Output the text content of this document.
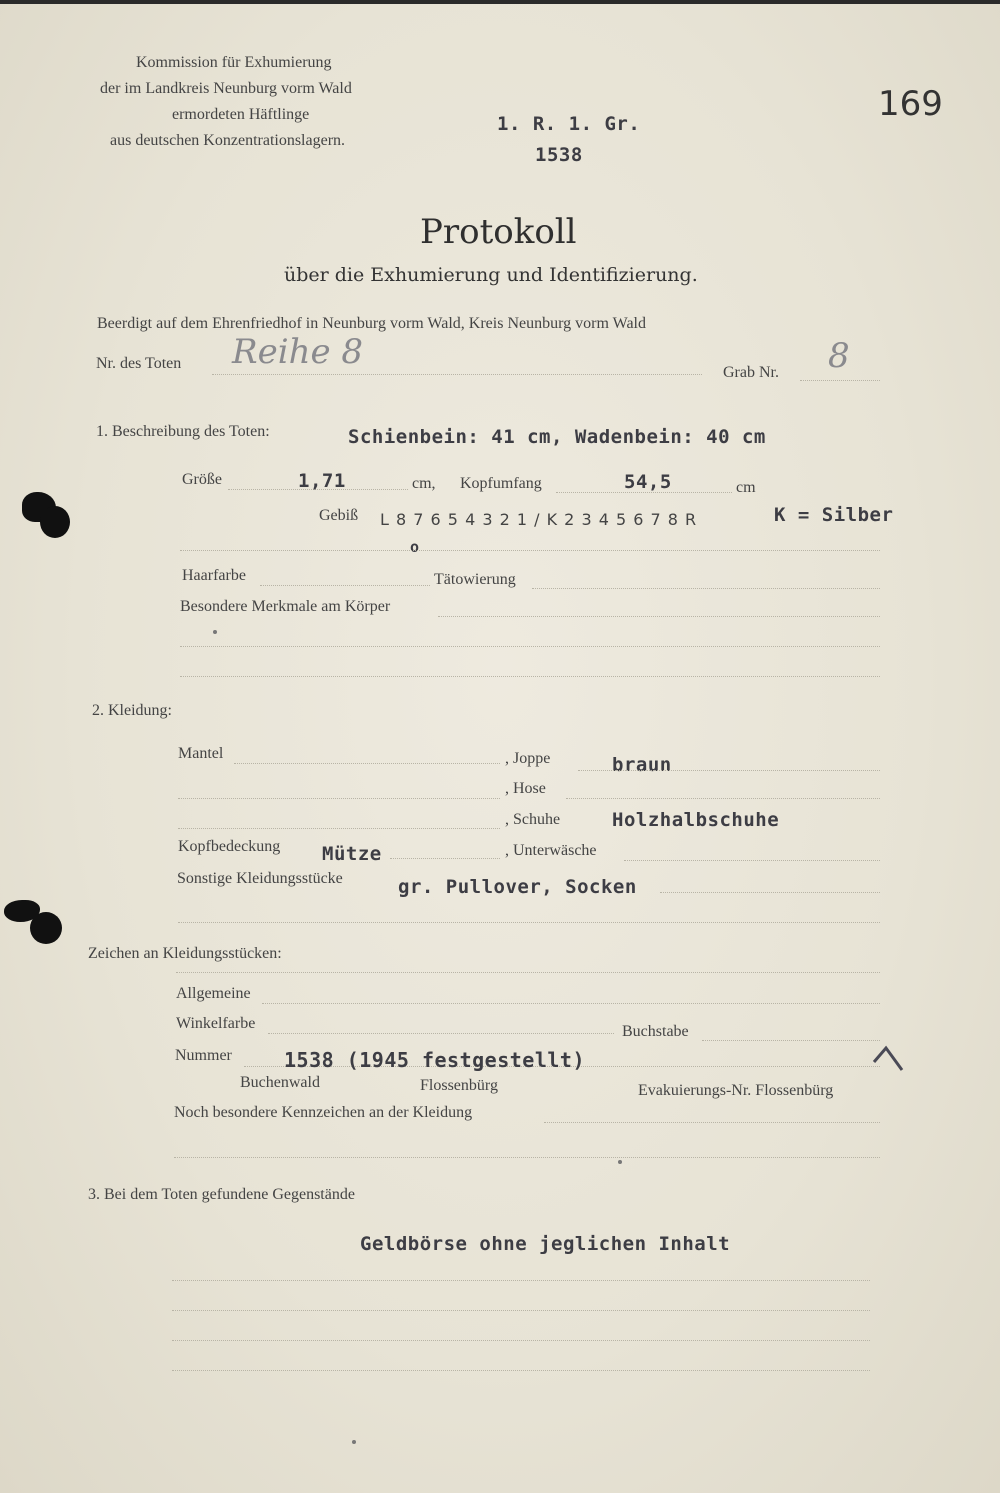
Kommission für Exhumierung
der im Landkreis Neunburg vorm Wald
ermordeten Häftlinge
aus deutschen Konzentrationslagern.
1. R. 1. Gr.
1538
169
Protokoll
über die Exhumierung und Identifizierung.
Beerdigt auf dem Ehrenfriedhof in Neunburg vorm Wald, Kreis Neunburg vorm Wald
Nr. des Toten Reihe 8
Grab Nr. 8
1. Beschreibung des Toten:	Schienbein: 41 cm, Wadenbein: 40 cm
Größe	1,71	cm, Kopfumfang	54,5	cm
Gebiß L 8 7 6 5 4 3 2 1 / K 2 3 4 5 6 7 8 R	K = Silber
o
Haarfarbe	Tätowierung
Besondere Merkmale am Körper
2. Kleidung:
Mantel	, Joppe	braun
, Hose
, Schuhe	Holzhalbschuhe
Kopfbedeckung Mütze	, Unterwäsche
Sonstige Kleidungsstücke	gr. Pullover, Socken
Zeichen an Kleidungsstücken:
Allgemeine
Winkelfarbe	Buchstabe
Nummer	1538 (1945 festgestellt)
Buchenwald	Flossenbürg	Evakuierungs-Nr. Flossenbürg
Noch besondere Kennzeichen an der Kleidung
3. Bei dem Toten gefundene Gegenstände
Geldbörse ohne jeglichen Inhalt
